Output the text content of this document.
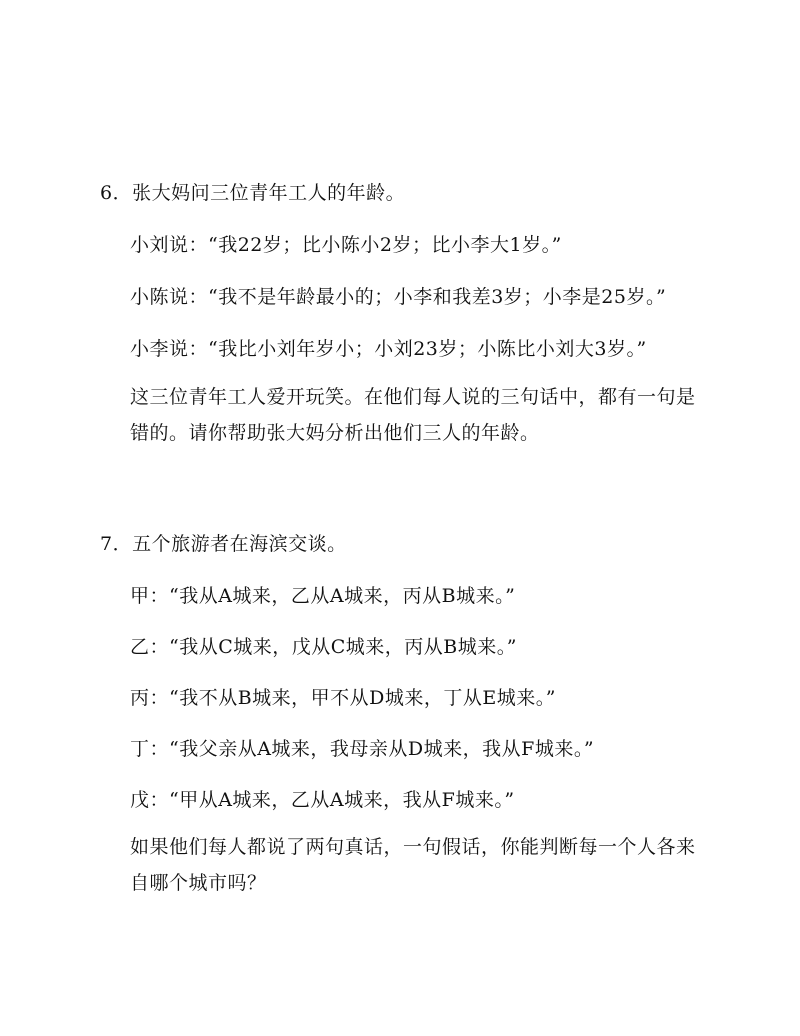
6．张大妈问三位青年工人的年龄。
小刘说：“我22岁；比小陈小2岁；比小李大1岁。”
小陈说：“我不是年龄最小的；小李和我差3岁；小李是25岁。”
小李说：“我比小刘年岁小；小刘23岁；小陈比小刘大3岁。”
这三位青年工人爱开玩笑。在他们每人说的三句话中，都有一句是错的。请你帮助张大妈分析出他们三人的年龄。
7．五个旅游者在海滨交谈。
甲：“我从A城来，乙从A城来，丙从B城来。”
乙：“我从C城来，戊从C城来，丙从B城来。”
丙：“我不从B城来，甲不从D城来，丁从E城来。”
丁：“我父亲从A城来，我母亲从D城来，我从F城来。”
戊：“甲从A城来，乙从A城来，我从F城来。”
如果他们每人都说了两句真话，一句假话，你能判断每一个人各来自哪个城市吗？
